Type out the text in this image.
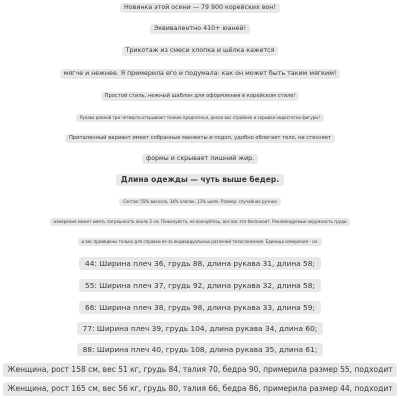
Новинка этой осени — 79 900 корейских вон!
Эквивалентно 410+ юаней!
Трикотаж из смеси хлопка и шёлка кажется
мягче и нежнее. Я примерила его и подумала: как он может быть таким мягким!
Простой стиль, нежный шаблон для оформления в корейском стиле!
Рукава длиной три четверти открывают тонкие предплечья, делая вас стройнее и скрывая недостатки фигуры!
Приталенный вариант имеет собранные манжеты и подол, удобно облегает тело, не стесняет
формы и скрывает лишний жир.
Длина одежды — чуть выше бедер.
Состав: 55% вискоза, 34% хлопок, 11% шелк. Размер: случайное ручное
измерение может иметь погрешность около 2 см. Пожалуйста, не волнуйтесь, все вас это беспокоит. Рекомендуемые окружность груди
и вес приведены только для справки из-за индивидуальных различий телосложения. Единица измерения - см.
44: Ширина плеч 36, грудь 88, длина рукава 31, длина 58;
55: Ширина плеч 37, грудь 92, длина рукава 32, длина 58;
66: Ширина плеч 38, грудь 98, длина рукава 33, длина 59;
77: Ширина плеч 39, грудь 104, длина рукава 34, длина 60;
88: Ширина плеч 40, грудь 108, длина рукава 35, длина 61;
Женщина, рост 158 см, вес 51 кг, грудь 84, талия 70, бедра 90, примерила размер 55, подходит
Женщина, рост 165 см, вес 56 кг, грудь 80, талия 66, бедра 86, примерила размер 44, подходит
